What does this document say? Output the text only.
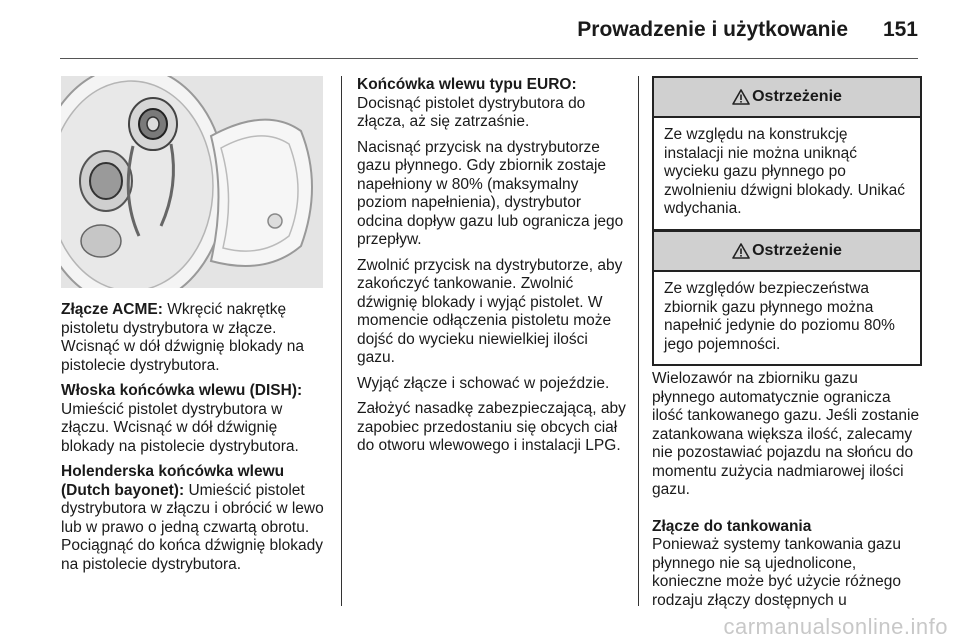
Prowadzenie i użytkowanie 151

Złącze ACME: Wkręcić nakrętkę pistoletu dystrybutora w złącze. Wcisnąć w dół dźwignię blokady na pistolecie dystrybutora.

Włoska końcówka wlewu (DISH): Umieścić pistolet dystrybutora w złączu. Wcisnąć w dół dźwignię blokady na pistolecie dystrybutora.

Holenderska końcówka wlewu (Dutch bayonet): Umieścić pistolet dystrybutora w złączu i obrócić w lewo lub w prawo o jedną czwartą obrotu. Pociągnąć do końca dźwignię blokady na pistolecie dystrybutora.

Końcówka wlewu typu EURO:
Docisnąć pistolet dystrybutora do złącza, aż się zatrzaśnie.

Nacisnąć przycisk na dystrybutorze gazu płynnego. Gdy zbiornik zostaje napełniony w 80% (maksymalny poziom napełnienia), dystrybutor odcina dopływ gazu lub ogranicza jego przepływ.

Zwolnić przycisk na dystrybutorze, aby zakończyć tankowanie. Zwolnić dźwignię blokady i wyjąć pistolet. W momencie odłączenia pistoletu może dojść do wycieku niewielkiej ilości gazu.

Wyjąć złącze i schować w pojeździe.

Założyć nasadkę zabezpieczającą, aby zapobiec przedostaniu się obcych ciał do otworu wlewowego i instalacji LPG.

Ostrzeżenie
Ze względu na konstrukcję instalacji nie można uniknąć wycieku gazu płynnego po zwolnieniu dźwigni blokady. Unikać wdychania.
Ostrzeżenie
Ze względów bezpieczeństwa zbiornik gazu płynnego można napełnić jedynie do poziomu 80% jego pojemności.

Wielozawór na zbiorniku gazu płynnego automatycznie ogranicza ilość tankowanego gazu. Jeśli zostanie zatankowana większa ilość, zalecamy nie pozostawiać pojazdu na słońcu do momentu zużycia nadmiarowej ilości gazu.

Złącze do tankowania
Ponieważ systemy tankowania gazu płynnego nie są ujednolicone, konieczne może być użycie różnego rodzaju złączy dostępnych u

carmanualsonline.info
